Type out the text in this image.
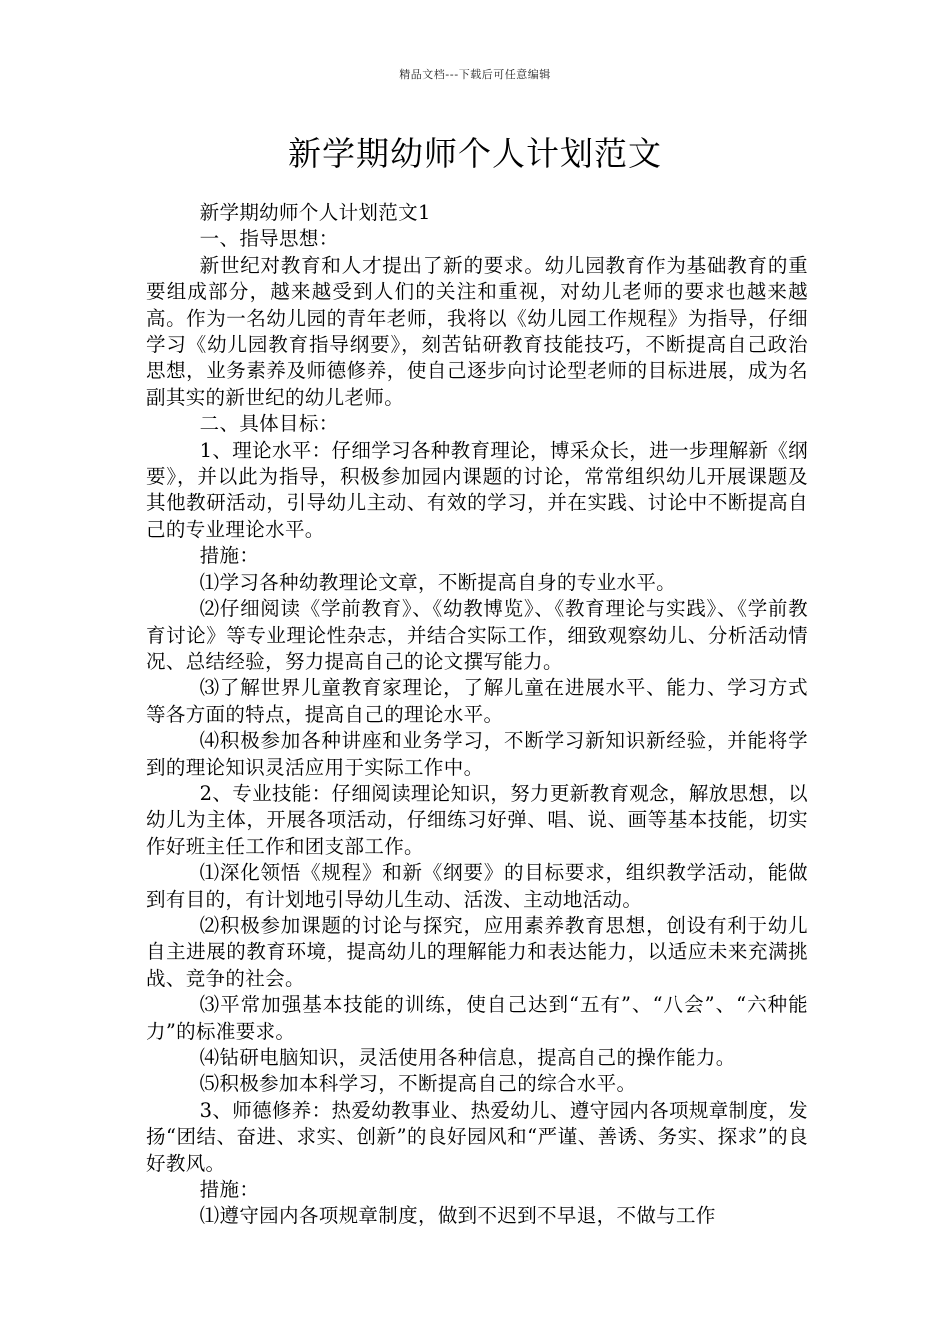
精品文档---下载后可任意编辑
新学期幼师个人计划范文

新学期幼师个人计划范文1

一、指导思想：

新世纪对教育和人才提出了新的要求。幼儿园教育作为基础教育的重要组成部分，越来越受到人们的关注和重视，对幼儿老师的要求也越来越高。作为一名幼儿园的青年老师，我将以《幼儿园工作规程》为指导，仔细学习《幼儿园教育指导纲要》，刻苦钻研教育技能技巧，不断提高自己政治思想，业务素养及师德修养，使自己逐步向讨论型老师的目标进展，成为名副其实的新世纪的幼儿老师。

二、具体目标：

1、理论水平：仔细学习各种教育理论，博采众长，进一步理解新《纲要》，并以此为指导，积极参加园内课题的讨论，常常组织幼儿开展课题及其他教研活动，引导幼儿主动、有效的学习，并在实践、讨论中不断提高自己的专业理论水平。

措施：

⑴学习各种幼教理论文章，不断提高自身的专业水平。

⑵仔细阅读《学前教育》、《幼教博览》、《教育理论与实践》、《学前教育讨论》等专业理论性杂志，并结合实际工作，细致观察幼儿、分析活动情况、总结经验，努力提高自己的论文撰写能力。

⑶了解世界儿童教育家理论，了解儿童在进展水平、能力、学习方式等各方面的特点，提高自己的理论水平。

⑷积极参加各种讲座和业务学习，不断学习新知识新经验，并能将学到的理论知识灵活应用于实际工作中。

2、专业技能：仔细阅读理论知识，努力更新教育观念，解放思想，以幼儿为主体，开展各项活动，仔细练习好弹、唱、说、画等基本技能，切实作好班主任工作和团支部工作。

⑴深化领悟《规程》和新《纲要》的目标要求，组织教学活动，能做到有目的，有计划地引导幼儿生动、活泼、主动地活动。

⑵积极参加课题的讨论与探究，应用素养教育思想，创设有利于幼儿自主进展的教育环境，提高幼儿的理解能力和表达能力，以适应未来充满挑战、竞争的社会。

⑶平常加强基本技能的训练，使自己达到“五有”、“八会”、“六种能力”的标准要求。

⑷钻研电脑知识，灵活使用各种信息，提高自己的操作能力。

⑸积极参加本科学习，不断提高自己的综合水平。

3、师德修养：热爱幼教事业、热爱幼儿、遵守园内各项规章制度，发扬“团结、奋进、求实、创新”的良好园风和“严谨、善诱、务实、探求”的良好教风。

措施：

⑴遵守园内各项规章制度，做到不迟到不早退，不做与工作
